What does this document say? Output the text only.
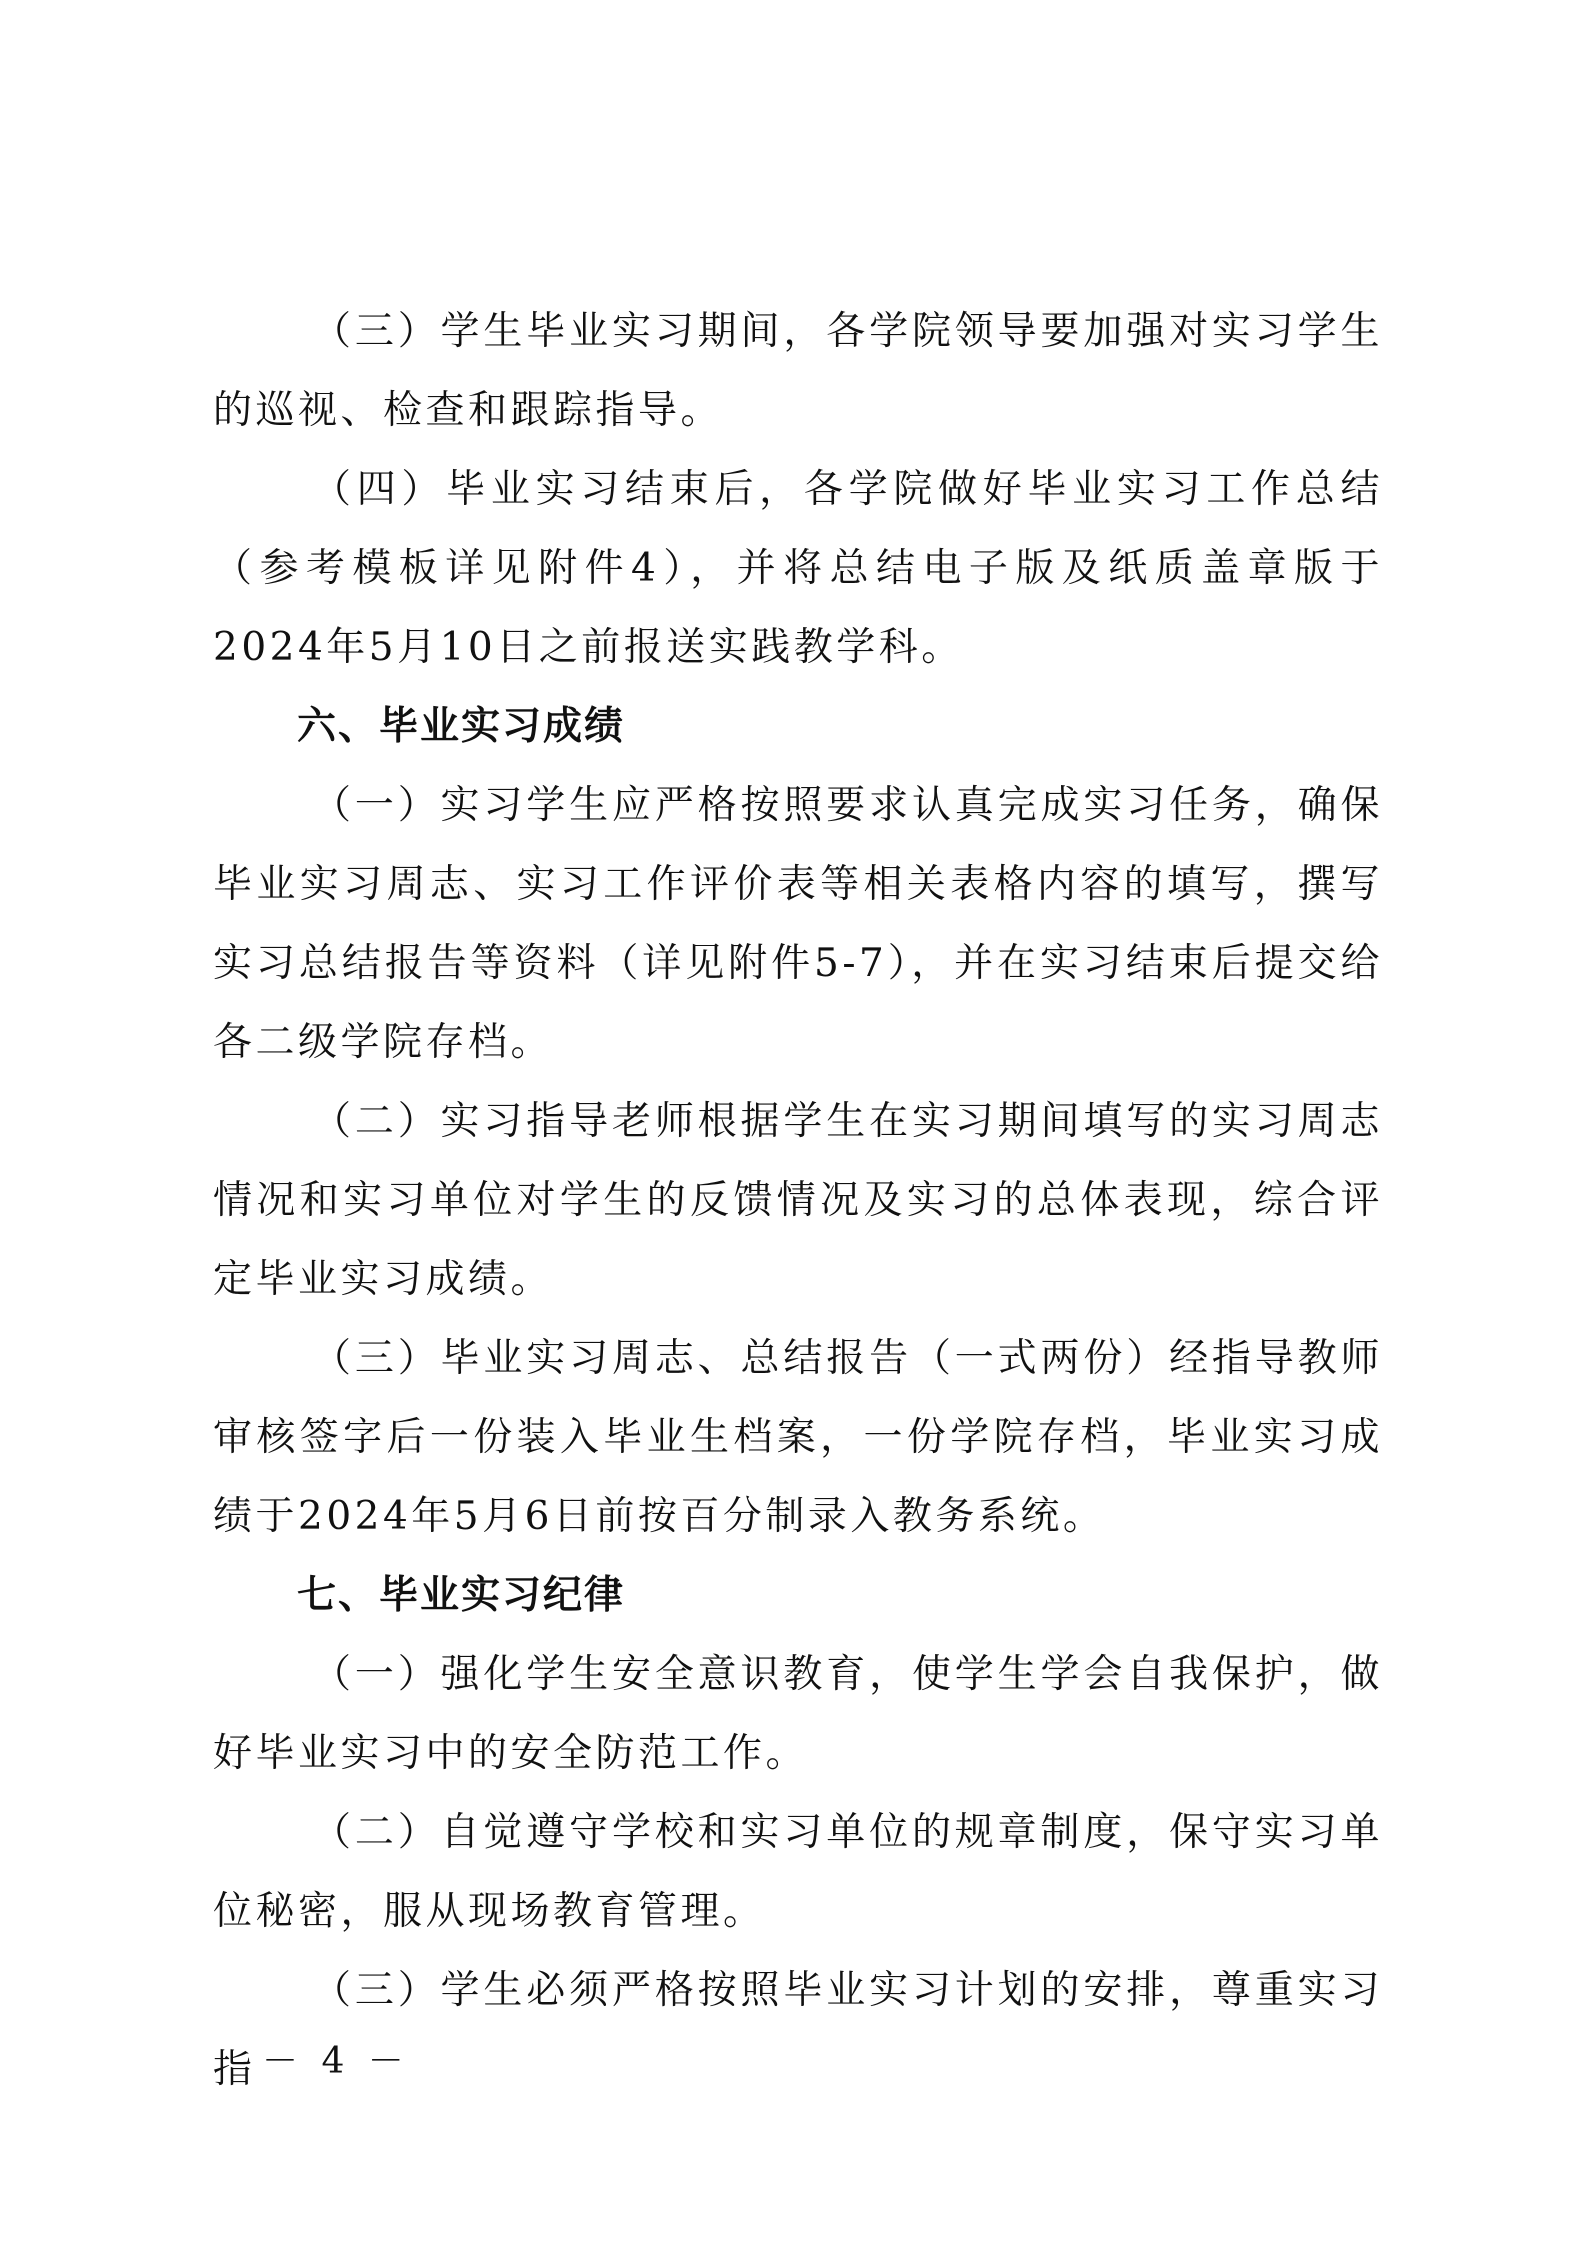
（三）学生毕业实习期间，各学院领导要加强对实习学生的巡视、检查和跟踪指导。

（四）毕业实习结束后，各学院做好毕业实习工作总结（参考模板详见附件4），并将总结电子版及纸质盖章版于2024年5月10日之前报送实践教学科。

六、毕业实习成绩

（一）实习学生应严格按照要求认真完成实习任务，确保毕业实习周志、实习工作评价表等相关表格内容的填写，撰写实习总结报告等资料（详见附件5-7），并在实习结束后提交给各二级学院存档。

（二）实习指导老师根据学生在实习期间填写的实习周志情况和实习单位对学生的反馈情况及实习的总体表现，综合评定毕业实习成绩。

（三）毕业实习周志、总结报告（一式两份）经指导教师审核签字后一份装入毕业生档案，一份学院存档，毕业实习成绩于2024年5月6日前按百分制录入教务系统。

七、毕业实习纪律

（一）强化学生安全意识教育，使学生学会自我保护，做好毕业实习中的安全防范工作。

（二）自觉遵守学校和实习单位的规章制度，保守实习单位秘密，服从现场教育管理。

（三）学生必须严格按照毕业实习计划的安排，尊重实习指 － 4 －
